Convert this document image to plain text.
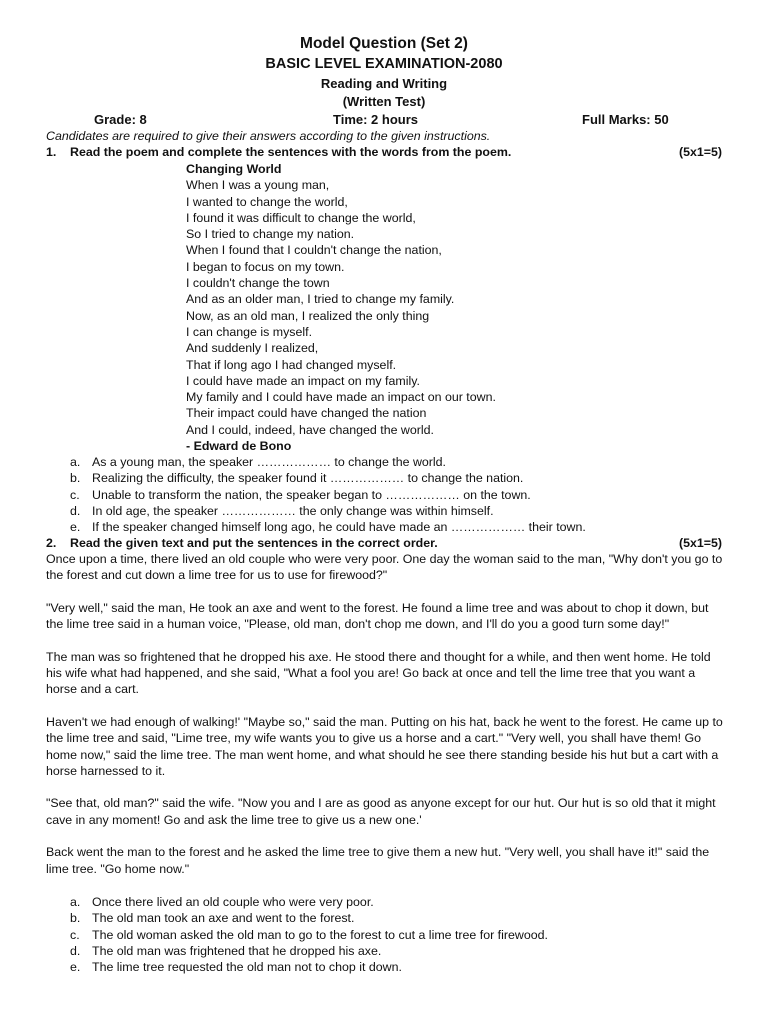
Model Question (Set 2)
BASIC LEVEL EXAMINATION-2080
Reading and Writing
(Written Test)
Grade: 8	Time: 2 hours	Full Marks: 50
Candidates are required to give their answers according to the given instructions.
1.	Read the poem and complete the sentences with the words from the poem.	(5x1=5)
Changing World
When I was a young man,
I wanted to change the world,
I found it was difficult to change the world,
So I tried to change my nation.
When I found that I couldn't change the nation,
I began to focus on my town.
I couldn't change the town
And as an older man, I tried to change my family.
Now, as an old man, I realized the only thing
I can change is myself.
And suddenly I realized,
That if long ago I had changed myself.
I could have made an impact on my family.
My family and I could have made an impact on our town.
Their impact could have changed the nation
And I could, indeed, have changed the world.
- Edward de Bono
a. As a young man, the speaker ……………… to change the world.
b. Realizing the difficulty, the speaker found it ……………… to change the nation.
c. Unable to transform the nation, the speaker began to ……………… on the town.
d. In old age, the speaker ……………… the only change was within himself.
e. If the speaker changed himself long ago, he could have made an ……………… their town.
2.	Read the given text and put the sentences in the correct order.	(5x1=5)

Once upon a time, there lived an old couple who were very poor. One day the woman said to the man, "Why don't you go to the forest and cut down a lime tree for us to use for firewood?"

"Very well," said the man, He took an axe and went to the forest. He found a lime tree and was about to chop it down, but the lime tree said in a human voice, "Please, old man, don't chop me down, and I'll do you a good turn some day!"

The man was so frightened that he dropped his axe. He stood there and thought for a while, and then went home. He told his wife what had happened, and she said, "What a fool you are! Go back at once and tell the lime tree that you want a horse and a cart.

Haven't we had enough of walking!' "Maybe so," said the man. Putting on his hat, back he went to the forest. He came up to the lime tree and said, "Lime tree, my wife wants you to give us a horse and a cart." "Very well, you shall have them! Go home now," said the lime tree. The man went home, and what should he see there standing beside his hut but a cart with a horse harnessed to it.

"See that, old man?" said the wife. "Now you and I are as good as anyone except for our hut. Our hut is so old that it might cave in any moment! Go and ask the lime tree to give us a new one.'

Back went the man to the forest and he asked the lime tree to give them a new hut. "Very well, you shall have it!" said the lime tree. "Go home now."

a. Once there lived an old couple who were very poor.
b. The old man took an axe and went to the forest.
c. The old woman asked the old man to go to the forest to cut a lime tree for firewood.
d. The old man was frightened that he dropped his axe.
e. The lime tree requested the old man not to chop it down.
